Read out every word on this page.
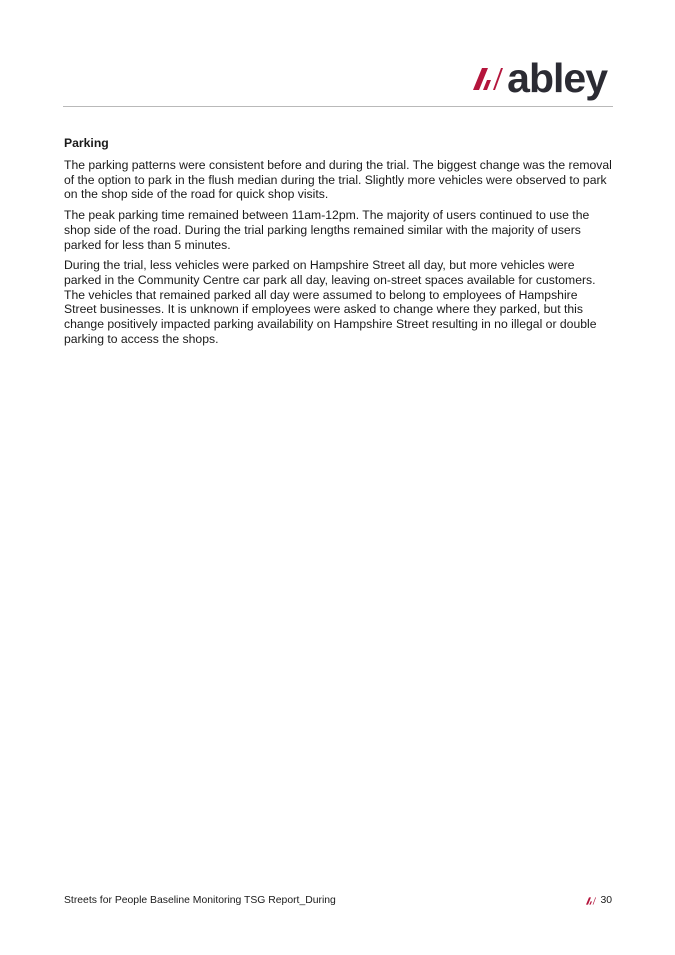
abley
Parking

The parking patterns were consistent before and during the trial. The biggest change was the removal of the option to park in the flush median during the trial. Slightly more vehicles were observed to park on the shop side of the road for quick shop visits.

The peak parking time remained between 11am-12pm. The majority of users continued to use the shop side of the road. During the trial parking lengths remained similar with the majority of users parked for less than 5 minutes.

During the trial, less vehicles were parked on Hampshire Street all day, but more vehicles were parked in the Community Centre car park all day, leaving on-street spaces available for customers. The vehicles that remained parked all day were assumed to belong to employees of Hampshire Street businesses. It is unknown if employees were asked to change where they parked, but this change positively impacted parking availability on Hampshire Street resulting in no illegal or double parking to access the shops.

Streets for People Baseline Monitoring TSG Report_During	30
